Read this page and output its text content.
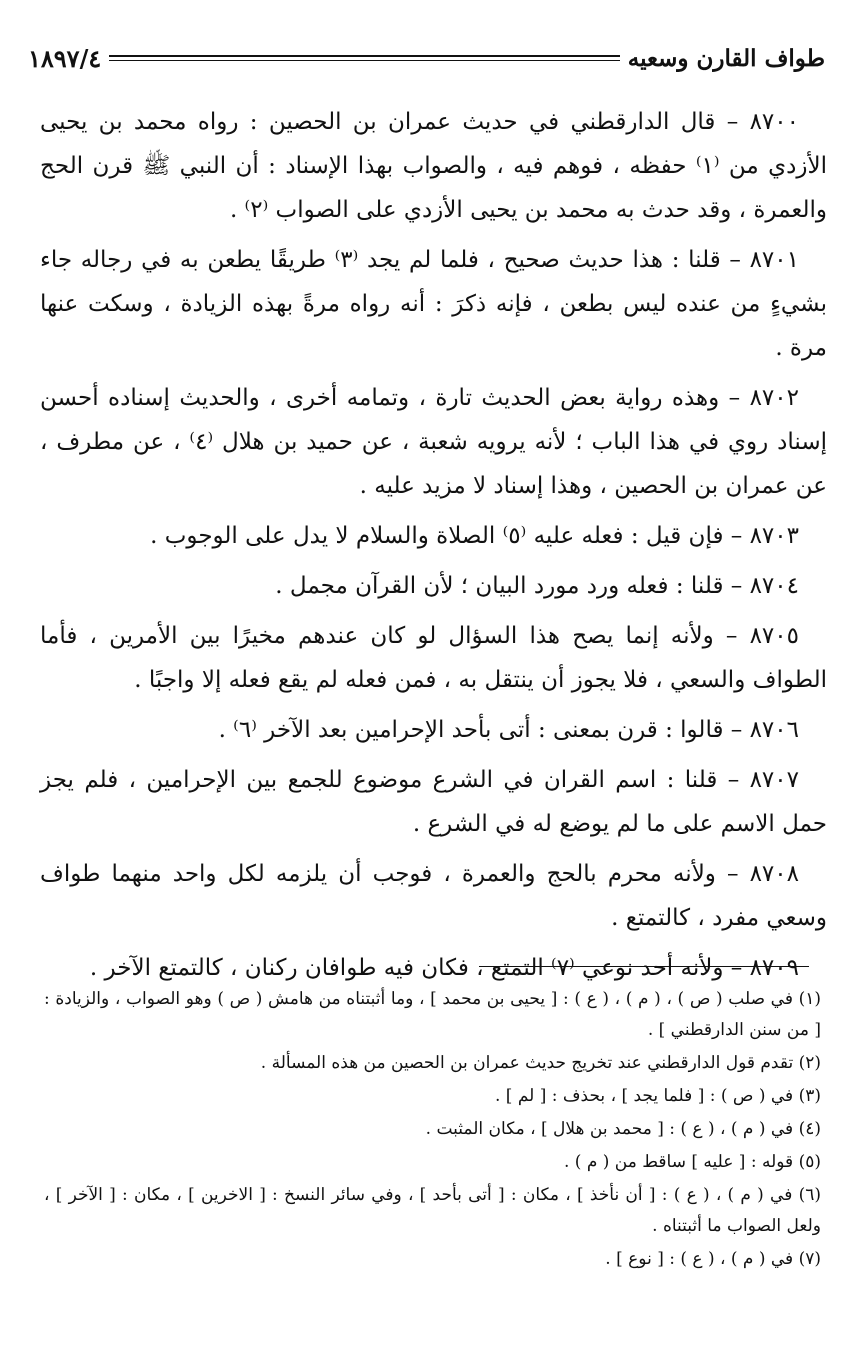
طواف القارن وسعيه
١٨٩٧/٤

٨٧٠٠ – قال الدارقطني في حديث عمران بن الحصين : رواه محمد بن يحيى الأزدي من ⁽١⁾ حفظه ، فوهم فيه ، والصواب بهذا الإسناد : أن النبي ﷺ قرن الحج والعمرة ، وقد حدث به محمد بن يحيى الأزدي على الصواب ⁽٢⁾ .

٨٧٠١ – قلنا : هذا حديث صحيح ، فلما لم يجد ⁽٣⁾ طريقًا يطعن به في رجاله جاء بشيءٍ من عنده ليس بطعن ، فإنه ذكرَ : أنه رواه مرةً بهذه الزيادة ، وسكت عنها مرة .

٨٧٠٢ – وهذه رواية بعض الحديث تارة ، وتمامه أخرى ، والحديث إسناده أحسن إسناد روي في هذا الباب ؛ لأنه يرويه شعبة ، عن حميد بن هلال ⁽٤⁾ ، عن مطرف ، عن عمران بن الحصين ، وهذا إسناد لا مزيد عليه .

٨٧٠٣ – فإن قيل : فعله عليه ⁽٥⁾ الصلاة والسلام لا يدل على الوجوب .

٨٧٠٤ – قلنا : فعله ورد مورد البيان ؛ لأن القرآن مجمل .

٨٧٠٥ – ولأنه إنما يصح هذا السؤال لو كان عندهم مخيرًا بين الأمرين ، فأما الطواف والسعي ، فلا يجوز أن ينتقل به ، فمن فعله لم يقع فعله إلا واجبًا .

٨٧٠٦ – قالوا : قرن بمعنى : أتى بأحد الإحرامين بعد الآخر ⁽٦⁾ .

٨٧٠٧ – قلنا : اسم القران في الشرع موضوع للجمع بين الإحرامين ، فلم يجز حمل الاسم على ما لم يوضع له في الشرع .

٨٧٠٨ – ولأنه محرم بالحج والعمرة ، فوجب أن يلزمه لكل واحد منهما طواف وسعي مفرد ، كالتمتع .

٨٧٠٩ – ولأنه أحد نوعي ⁽٧⁾ التمتع ، فكان فيه طوافان ركنان ، كالتمتع الآخر .

(١) في صلب ( ص ) ، ( م ) ، ( ع ) : [ يحيى بن محمد ] ، وما أثبتناه من هامش ( ص ) وهو الصواب ، والزيادة : [ من سنن الدارقطني ] .

(٢) تقدم قول الدارقطني عند تخريج حديث عمران بن الحصين من هذه المسألة .

(٣) في ( ص ) : [ فلما يجد ] ، بحذف : [ لم ] .

(٤) في ( م ) ، ( ع ) : [ محمد بن هلال ] ، مكان المثبت .

(٥) قوله : [ عليه ] ساقط من ( م ) .

(٦) في ( م ) ، ( ع ) : [ أن نأخذ ] ، مكان : [ أتى بأحد ] ، وفي سائر النسخ : [ الاخرين ] ، مكان : [ الآخر ] ، ولعل الصواب ما أثبتناه .

(٧) في ( م ) ، ( ع ) : [ نوع ] .
